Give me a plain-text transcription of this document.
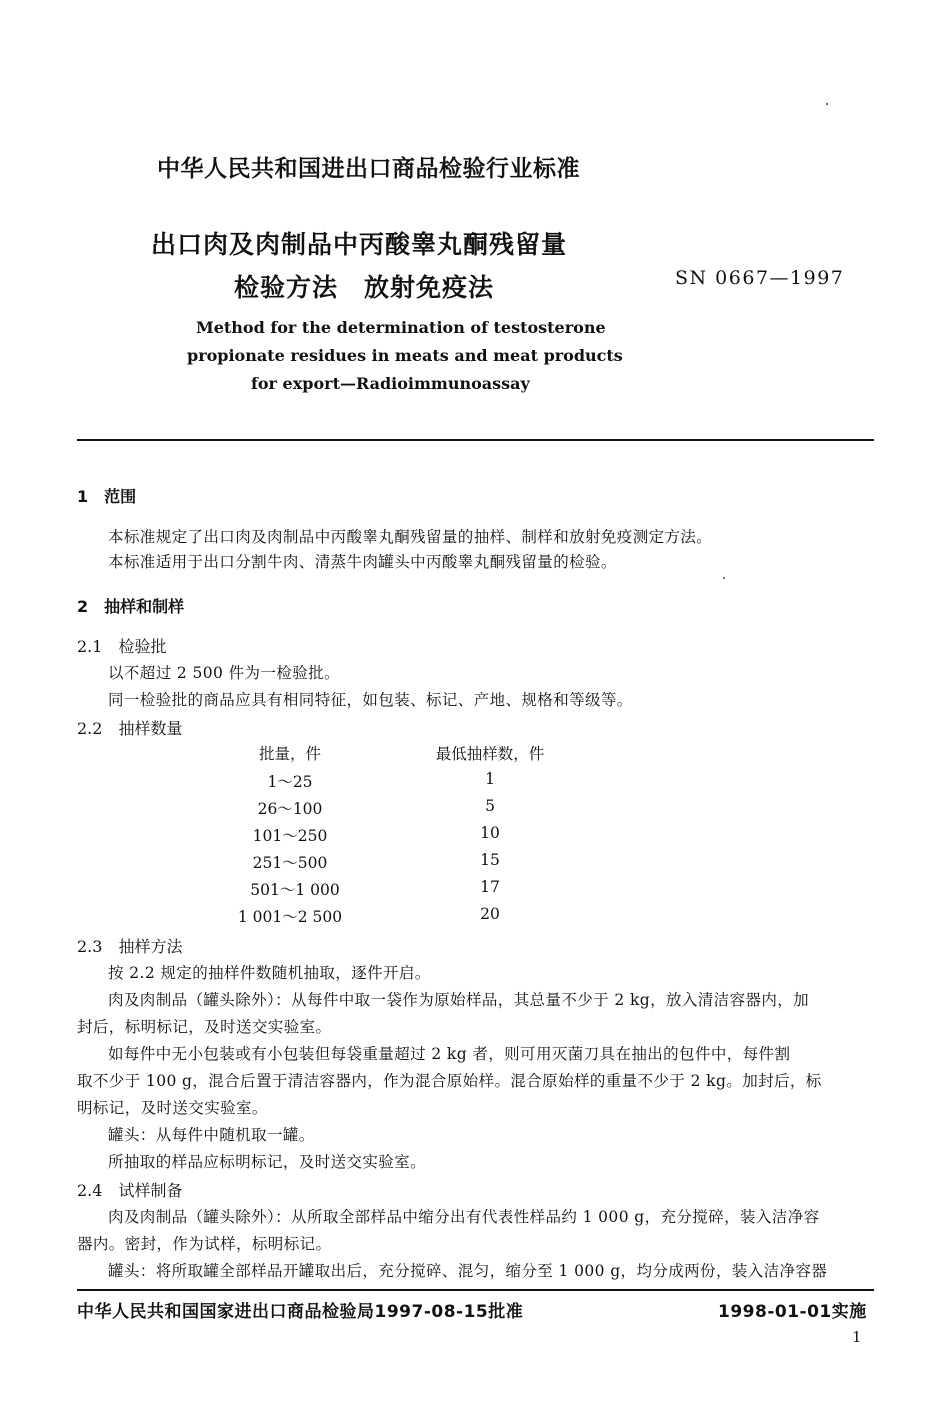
中华人民共和国进出口商品检验行业标准
出口肉及肉制品中丙酸睾丸酮残留量
检验方法　放射免疫法	SN 0667—1997
Method for the determination of testosterone
propionate residues in meats and meat products
for export—Radioimmunoassay
1　范围
本标准规定了出口肉及肉制品中丙酸睾丸酮残留量的抽样、制样和放射免疫测定方法。
本标准适用于出口分割牛肉、清蒸牛肉罐头中丙酸睾丸酮残留量的检验。
2　抽样和制样
2.1　检验批
以不超过 2 500 件为一检验批。
同一检验批的商品应具有相同特征，如包装、标记、产地、规格和等级等。
2.2　抽样数量
批量，件	最低抽样数，件
1～25	1
26～100	5
101～250	10
251～500	15
501～1 000	17
1 001～2 500	20
2.3　抽样方法
按 2.2 规定的抽样件数随机抽取，逐件开启。
肉及肉制品（罐头除外）：从每件中取一袋作为原始样品，其总量不少于 2 kg，放入清洁容器内，加
封后，标明标记，及时送交实验室。
如每件中无小包装或有小包装但每袋重量超过 2 kg 者，则可用灭菌刀具在抽出的包件中，每件割
取不少于 100 g，混合后置于清洁容器内，作为混合原始样。混合原始样的重量不少于 2 kg。加封后，标
明标记，及时送交实验室。
罐头：从每件中随机取一罐。
所抽取的样品应标明标记，及时送交实验室。
2.4　试样制备
肉及肉制品（罐头除外）：从所取全部样品中缩分出有代表性样品约 1 000 g，充分搅碎，装入洁净容
器内。密封，作为试样，标明标记。
罐头：将所取罐全部样品开罐取出后，充分搅碎、混匀，缩分至 1 000 g，均分成两份，装入洁净容器
中华人民共和国国家进出口商品检验局1997-08-15批准	1998-01-01实施
1
